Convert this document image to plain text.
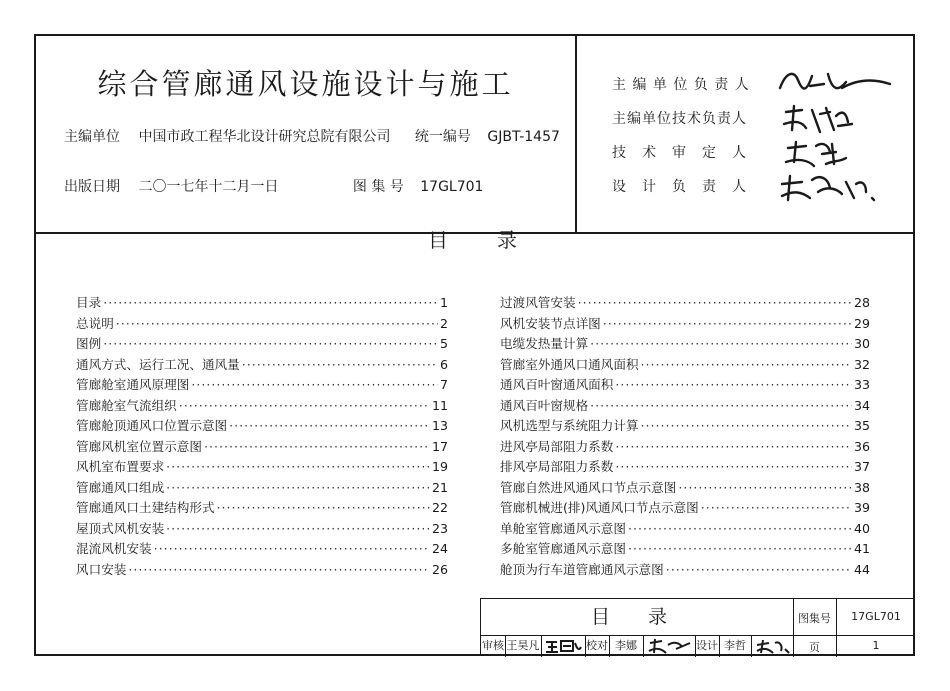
综合管廊通风设施设计与施工
主编单位 中国市政工程华北设计研究总院有限公司 统一编号 GJBT-1457
出版日期 二〇一七年十二月一日	图 集 号 17GL701
主 编 单 位 负 责 人
主编单位技术负责人
技　术　审　定　人
设　计　负　责　人
目 录
目录 ·····	1
总说明 ·····	2
图例 ·····	5
通风方式、运行工况、通风量 ·····	6
管廊舱室通风原理图 ·····	7
管廊舱室气流组织 ·····	11
管廊舱顶通风口位置示意图 ·····	13
管廊风机室位置示意图 ·····	17
风机室布置要求 ·····	19
管廊通风口组成 ·····	21
管廊通风口土建结构形式 ·····	22
屋顶式风机安装 ·····	23
混流风机安装 ·····	24
风口安装 ·····	26
过渡风管安装 ·····	28
风机安装节点详图 ·····	29
电缆发热量计算 ·····	30
管廊室外通风口通风面积 ·····	32
通风百叶窗通风面积 ·····	33
通风百叶窗规格 ·····	34
风机选型与系统阻力计算 ·····	35
进风亭局部阻力系数 ·····	36
排风亭局部阻力系数 ·····	37
管廊自然进风通风口节点示意图 ·····	38
管廊机械进(排)风通风口节点示意图 ·····	39
单舱室管廊通风示意图 ·····	40
多舱室管廊通风示意图 ·····	41
舱顶为行车道管廊通风示意图 ·····	44
目 录	图集号	17GL701
页	1
审核 王昊凡	校对 李娜	设计 李哲
